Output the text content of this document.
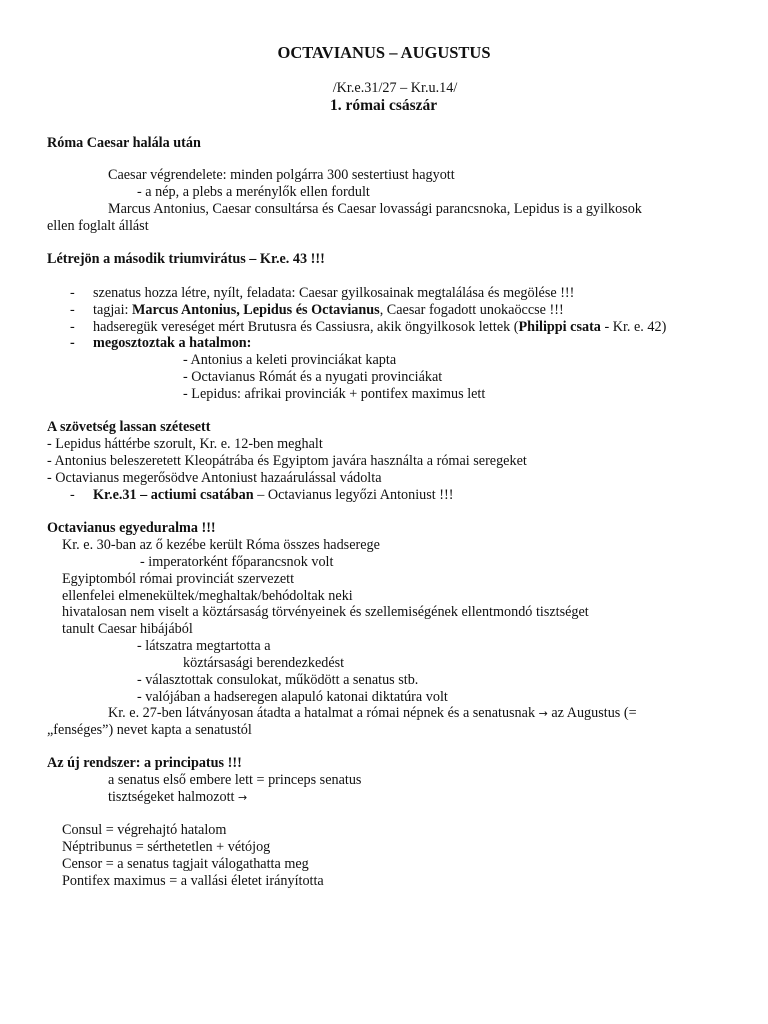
OCTAVIANUS – AUGUSTUS
/Kr.e.31/27 – Kr.u.14/
1. római császár
Róma Caesar halála után
Caesar végrendelete: minden polgárra 300 sestertiust hagyott
- a nép, a plebs a merénylők ellen fordult
Marcus Antonius, Caesar consultársa és Caesar lovassági parancsnoka, Lepidus is a gyilkosok
ellen foglalt állást
Létrejön a második triumvirátus – Kr.e. 43 !!!
- szenatus hozza létre, nyílt, feladata: Caesar gyilkosainak megtalálása és megölése !!!
- tagjai: Marcus Antonius, Lepidus és Octavianus, Caesar fogadott unokaöccse !!!
- hadseregük vereséget mért Brutusra és Cassiusra, akik öngyilkosok lettek (Philippi csata - Kr. e. 42)
- megosztoztak a hatalmon:
- Antonius a keleti provinciákat kapta
- Octavianus Rómát és a nyugati provinciákat
- Lepidus: afrikai provinciák + pontifex maximus lett
A szövetség lassan szétesett
- Lepidus háttérbe szorult, Kr. e. 12-ben meghalt
- Antonius beleszeretett Kleopátrába és Egyiptom javára használta a római seregeket
- Octavianus megerősödve Antoniust hazaárulással vádolta
- Kr.e.31 – actiumi csatában – Octavianus legyőzi Antoniust !!!
Octavianus egyeduralma !!!
Kr. e. 30-ban az ő kezébe került Róma összes hadserege
- imperatorként főparancsnok volt
Egyiptomból római provinciát szervezett
ellenfelei elmenekültek/meghaltak/behódoltak neki
hivatalosan nem viselt a köztársaság törvényeinek és szellemiségének ellentmondó tisztséget
tanult Caesar hibájából
- látszatra megtartotta a
köztársasági berendezkedést
- választottak consulokat, működött a senatus stb.
- valójában a hadseregen alapuló katonai diktatúra volt
Kr. e. 27-ben látványosan átadta a hatalmat a római népnek és a senatusnak → az Augustus (=
„fenséges”) nevet kapta a senatustól
Az új rendszer: a principatus !!!
a senatus első embere lett = princeps senatus
tisztségeket halmozott →
Consul = végrehajtó hatalom
Néptribunus = sérthetetlen + vétójog
Censor = a senatus tagjait válogathatta meg
Pontifex maximus = a vallási életet irányította
